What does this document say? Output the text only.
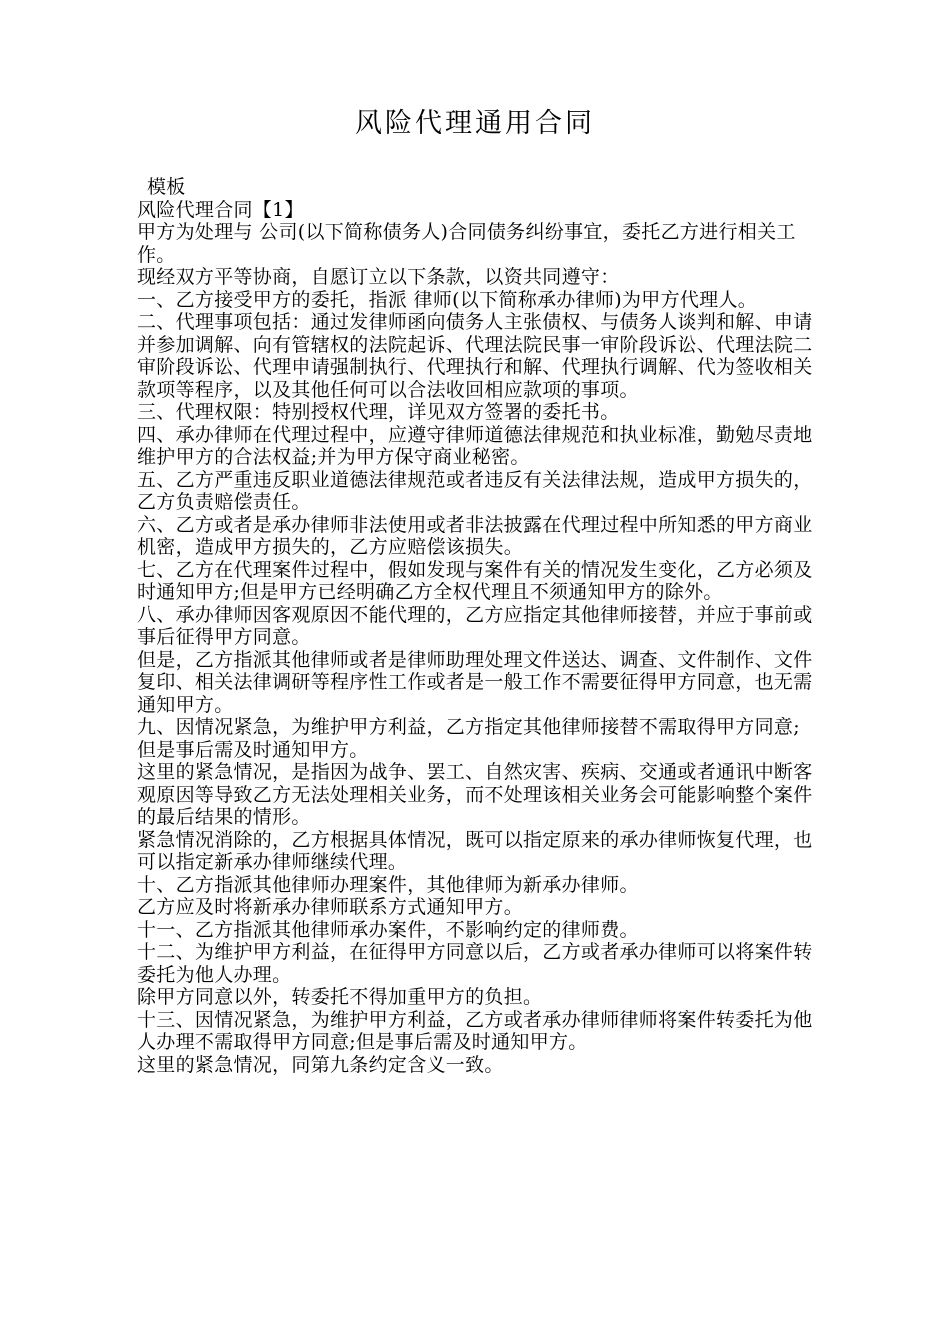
风险代理通用合同

模板

风险代理合同【1】

甲方为处理与 公司(以下简称债务人)合同债务纠纷事宜，委托乙方进行相关工作。

现经双方平等协商，自愿订立以下条款，以资共同遵守：

一、乙方接受甲方的委托，指派 律师(以下简称承办律师)为甲方代理人。

二、代理事项包括：通过发律师函向债务人主张债权、与债务人谈判和解、申请并参加调解、向有管辖权的法院起诉、代理法院民事一审阶段诉讼、代理法院二审阶段诉讼、代理申请强制执行、代理执行和解、代理执行调解、代为签收相关款项等程序，以及其他任何可以合法收回相应款项的事项。

三、代理权限：特别授权代理，详见双方签署的委托书。

四、承办律师在代理过程中，应遵守律师道德法律规范和执业标准，勤勉尽责地维护甲方的合法权益;并为甲方保守商业秘密。

五、乙方严重违反职业道德法律规范或者违反有关法律法规，造成甲方损失的，乙方负责赔偿责任。

六、乙方或者是承办律师非法使用或者非法披露在代理过程中所知悉的甲方商业机密，造成甲方损失的，乙方应赔偿该损失。

七、乙方在代理案件过程中，假如发现与案件有关的情况发生变化，乙方必须及时通知甲方;但是甲方已经明确乙方全权代理且不须通知甲方的除外。

八、承办律师因客观原因不能代理的，乙方应指定其他律师接替，并应于事前或事后征得甲方同意。

但是，乙方指派其他律师或者是律师助理处理文件送达、调查、文件制作、文件复印、相关法律调研等程序性工作或者是一般工作不需要征得甲方同意，也无需通知甲方。

九、因情况紧急，为维护甲方利益，乙方指定其他律师接替不需取得甲方同意;但是事后需及时通知甲方。

这里的紧急情况，是指因为战争、罢工、自然灾害、疾病、交通或者通讯中断客观原因等导致乙方无法处理相关业务，而不处理该相关业务会可能影响整个案件的最后结果的情形。

紧急情况消除的，乙方根据具体情况，既可以指定原来的承办律师恢复代理，也可以指定新承办律师继续代理。

十、乙方指派其他律师办理案件，其他律师为新承办律师。

乙方应及时将新承办律师联系方式通知甲方。

十一、乙方指派其他律师承办案件，不影响约定的律师费。

十二、为维护甲方利益，在征得甲方同意以后，乙方或者承办律师可以将案件转委托为他人办理。

除甲方同意以外，转委托不得加重甲方的负担。

十三、因情况紧急，为维护甲方利益，乙方或者承办律师律师将案件转委托为他人办理不需取得甲方同意;但是事后需及时通知甲方。

这里的紧急情况，同第九条约定含义一致。
